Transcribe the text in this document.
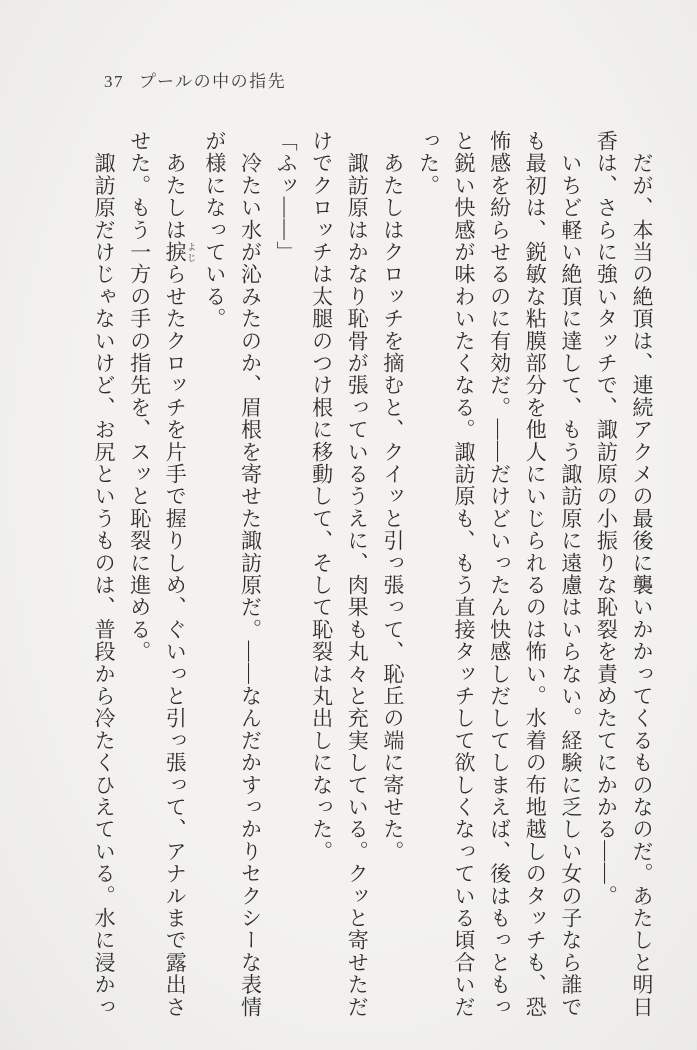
37 プールの中の指先
　だが、本当の絶頂は、連続アクメの最後に襲いかかってくるものなのだ。あたしと明日
香は、さらに強いタッチで、諏訪原の小振りな恥裂を責めたてにかかる——。
　いちど軽い絶頂に達して、もう諏訪原に遠慮はいらない。経験に乏しい女の子なら誰で
も最初は、鋭敏な粘膜部分を他人にいじられるのは怖い。水着の布地越しのタッチも、恐
怖感を紛らせるのに有効だ。——だけどいったん快感しだしてしまえば、後はもっともっ
と鋭い快感が味わいたくなる。諏訪原も、もう直接タッチして欲しくなっている頃合いだ
った。
　あたしはクロッチを摘むと、クイッと引っ張って、恥丘の端に寄せた。
　諏訪原はかなり恥骨が張っているうえに、肉果も丸々と充実している。クッと寄せただ
けでクロッチは太腿のつけ根に移動して、そして恥裂は丸出しになった。
「ふッ——」
　冷たい水が沁みたのか、眉根を寄せた諏訪原だ。——なんだかすっかりセクシーな表情
が様になっている。
　あたしは捩 よじらせたクロッチを片手で握りしめ、ぐいっと引っ張って、アナルまで露出さ
せた。もう一方の手の指先を、スッと恥裂に進める。
　諏訪原だけじゃないけど、お尻というものは、普段から冷たくひえている。水に浸かっ
